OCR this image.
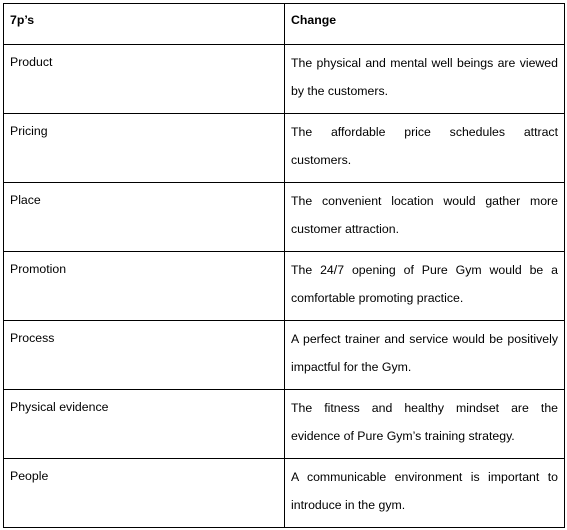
7p’s	Change
Product	The physical and mental well beings are viewed by the customers.
Pricing	The affordable price schedules attract customers.
Place	The convenient location would gather more customer attraction.
Promotion	The 24/7 opening of Pure Gym would be a comfortable promoting practice.
Process	A perfect trainer and service would be positively impactful for the Gym.
Physical evidence	The fitness and healthy mindset are the evidence of Pure Gym’s training strategy.
People	A communicable environment is important to introduce in the gym.
